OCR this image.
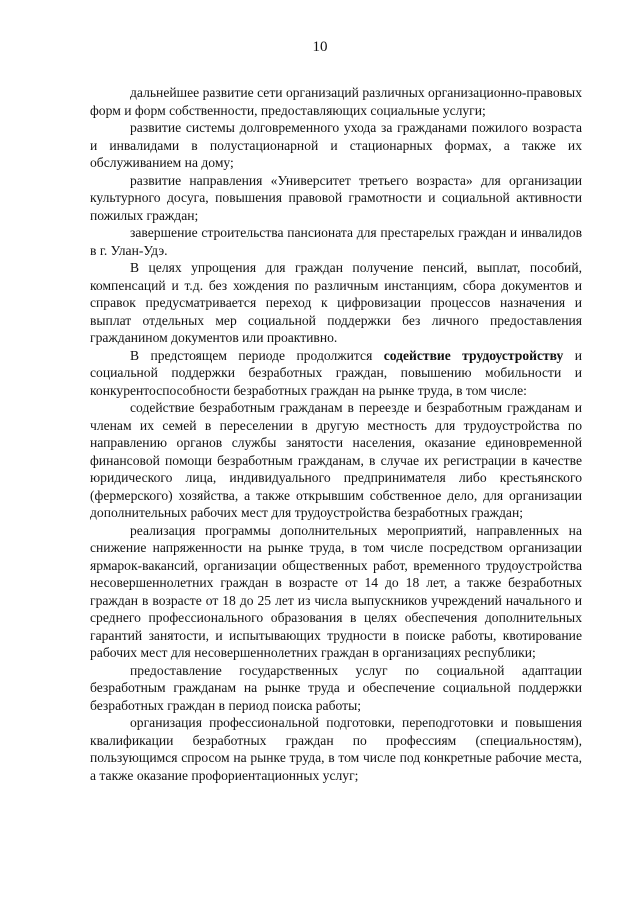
10

дальнейшее развитие сети организаций различных организационно-правовых форм и форм собственности, предоставляющих социальные услуги;

развитие системы долговременного ухода за гражданами пожилого возраста и инвалидами в полустационарной и стационарных формах, а также их обслуживанием на дому;

развитие направления «Университет третьего возраста» для организации культурного досуга, повышения правовой грамотности и социальной активности пожилых граждан;

завершение строительства пансионата для престарелых граждан и инвалидов в г. Улан-Удэ.

В целях упрощения для граждан получение пенсий, выплат, пособий, компенсаций и т.д. без хождения по различным инстанциям, сбора документов и справок предусматривается переход к цифровизации процессов назначения и выплат отдельных мер социальной поддержки без личного предоставления гражданином документов или проактивно.

В предстоящем периоде продолжится содействие трудоустройству и социальной поддержки безработных граждан, повышению мобильности и конкурентоспособности безработных граждан на рынке труда, в том числе:

содействие безработным гражданам в переезде и безработным гражданам и членам их семей в переселении в другую местность для трудоустройства по направлению органов службы занятости населения, оказание единовременной финансовой помощи безработным гражданам, в случае их регистрации в качестве юридического лица, индивидуального предпринимателя либо крестьянского (фермерского) хозяйства, а также открывшим собственное дело, для организации дополнительных рабочих мест для трудоустройства безработных граждан;

реализация программы дополнительных мероприятий, направленных на снижение напряженности на рынке труда, в том числе посредством организации ярмарок-вакансий, организации общественных работ, временного трудоустройства несовершеннолетних граждан в возрасте от 14 до 18 лет, а также безработных граждан в возрасте от 18 до 25 лет из числа выпускников учреждений начального и среднего профессионального образования в целях обеспечения дополнительных гарантий занятости, и испытывающих трудности в поиске работы, квотирование рабочих мест для несовершеннолетних граждан в организациях республики;

предоставление государственных услуг по социальной адаптации безработным гражданам на рынке труда и обеспечение социальной поддержки безработных граждан в период поиска работы;

организация профессиональной подготовки, переподготовки и повышения квалификации безработных граждан по профессиям (специальностям), пользующимся спросом на рынке труда, в том числе под конкретные рабочие места, а также оказание профориентационных услуг;
